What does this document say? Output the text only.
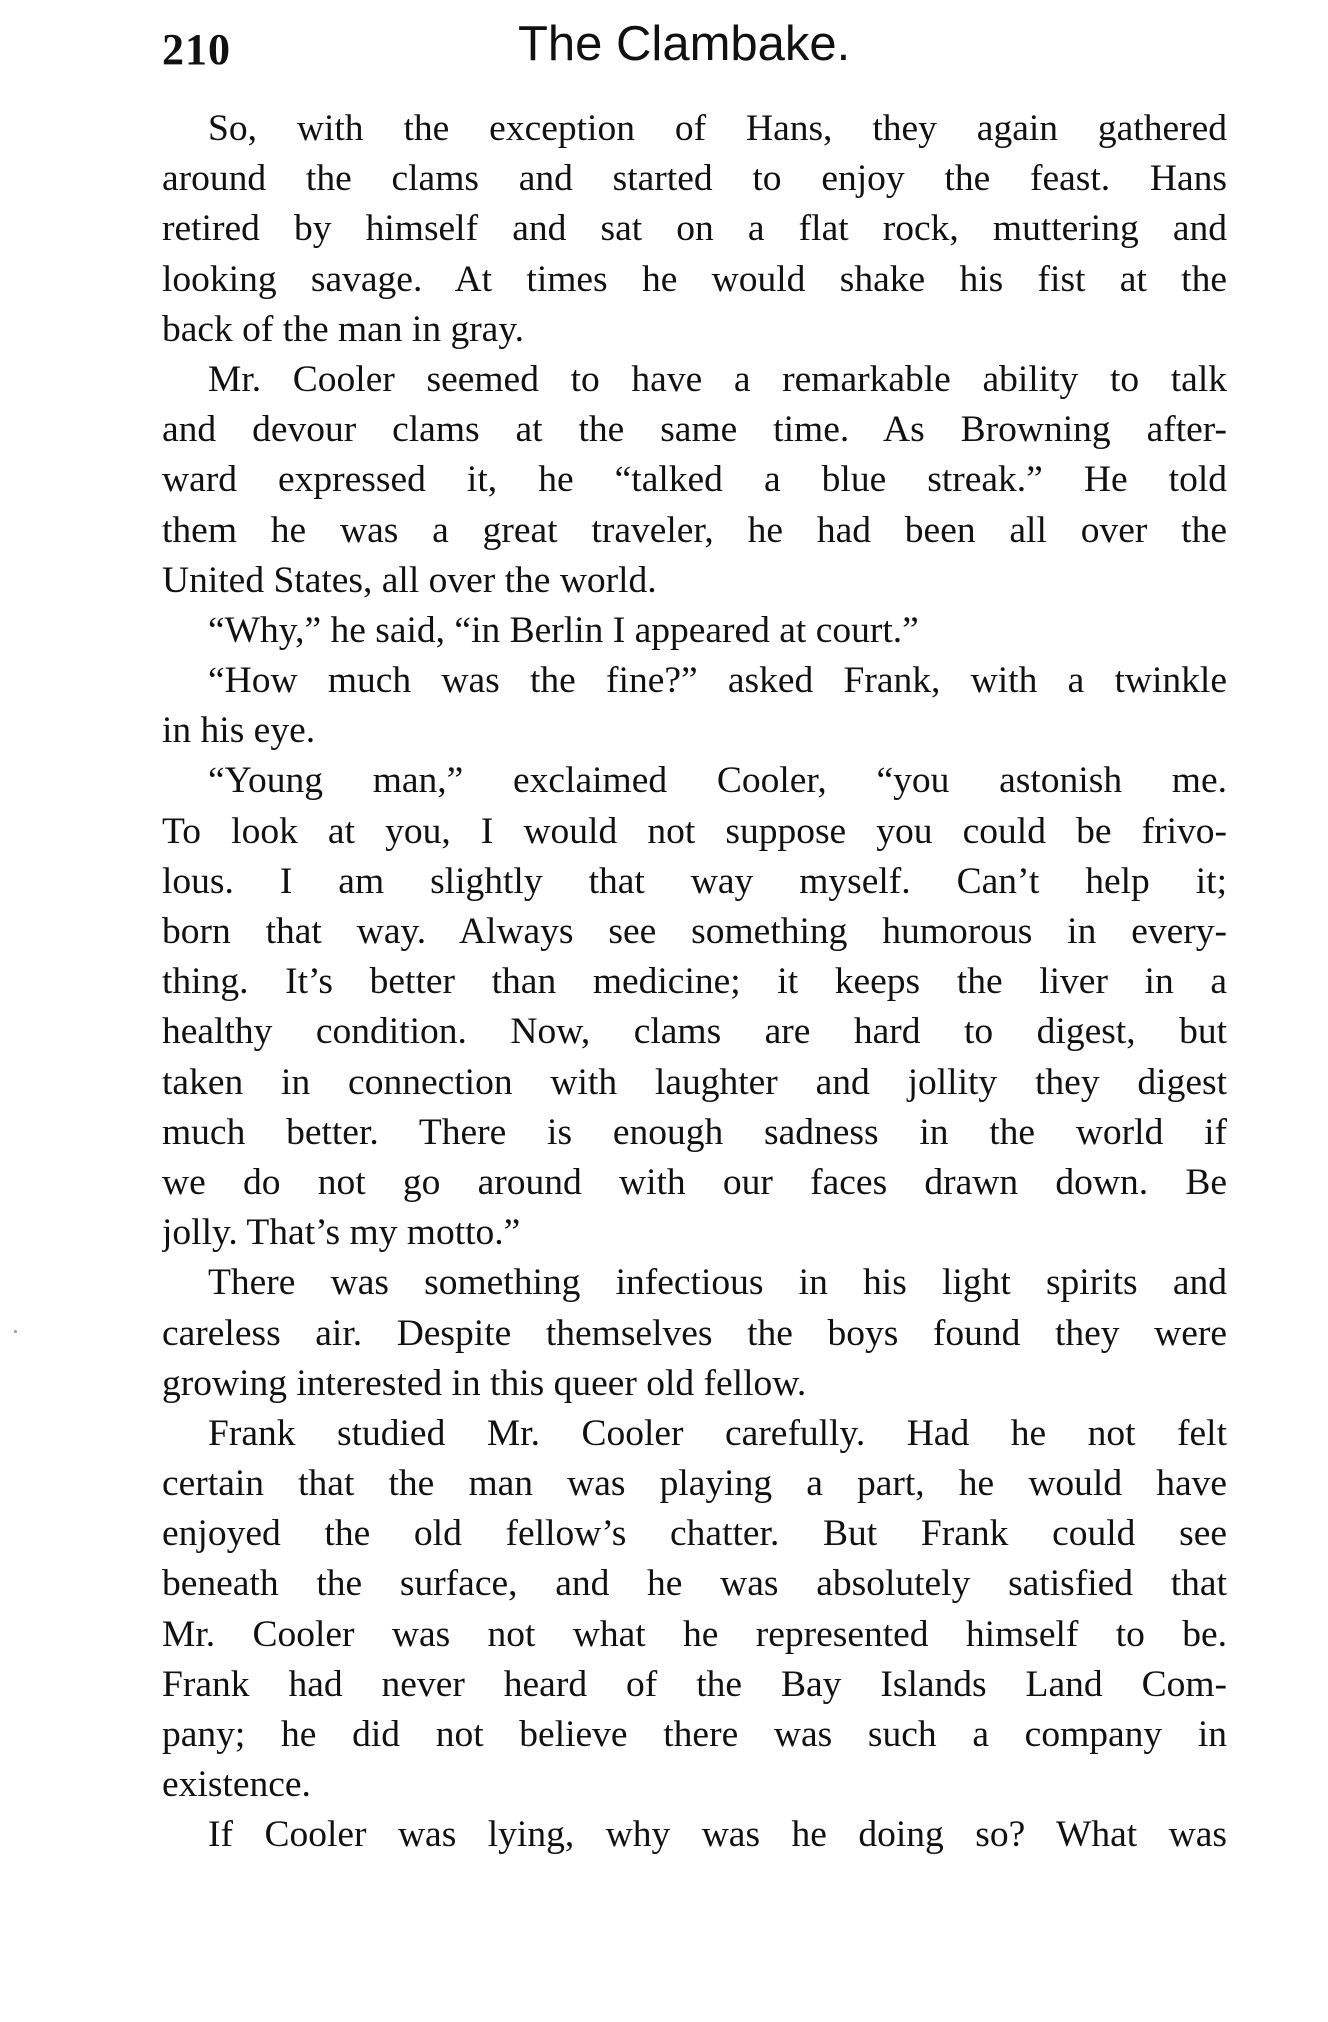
210	The Clambake.
So, with the exception of Hans, they again gathered
around the clams and started to enjoy the feast. Hans
retired by himself and sat on a flat rock, muttering and
looking savage. At times he would shake his fist at the
back of the man in gray.
Mr. Cooler seemed to have a remarkable ability to talk
and devour clams at the same time. As Browning after-
ward expressed it, he “talked a blue streak.” He told
them he was a great traveler, he had been all over the
United States, all over the world.
“Why,” he said, “in Berlin I appeared at court.”
“How much was the fine?” asked Frank, with a twinkle
in his eye.
“Young man,” exclaimed Cooler, “you astonish me.
To look at you, I would not suppose you could be frivo-
lous. I am slightly that way myself. Can’t help it;
born that way. Always see something humorous in every-
thing. It’s better than medicine; it keeps the liver in a
healthy condition. Now, clams are hard to digest, but
taken in connection with laughter and jollity they digest
much better. There is enough sadness in the world if
we do not go around with our faces drawn down. Be
jolly. That’s my motto.”
There was something infectious in his light spirits and
careless air. Despite themselves the boys found they were
growing interested in this queer old fellow.
Frank studied Mr. Cooler carefully. Had he not felt
certain that the man was playing a part, he would have
enjoyed the old fellow’s chatter. But Frank could see
beneath the surface, and he was absolutely satisfied that
Mr. Cooler was not what he represented himself to be.
Frank had never heard of the Bay Islands Land Com-
pany; he did not believe there was such a company in
existence.
If Cooler was lying, why was he doing so? What was
